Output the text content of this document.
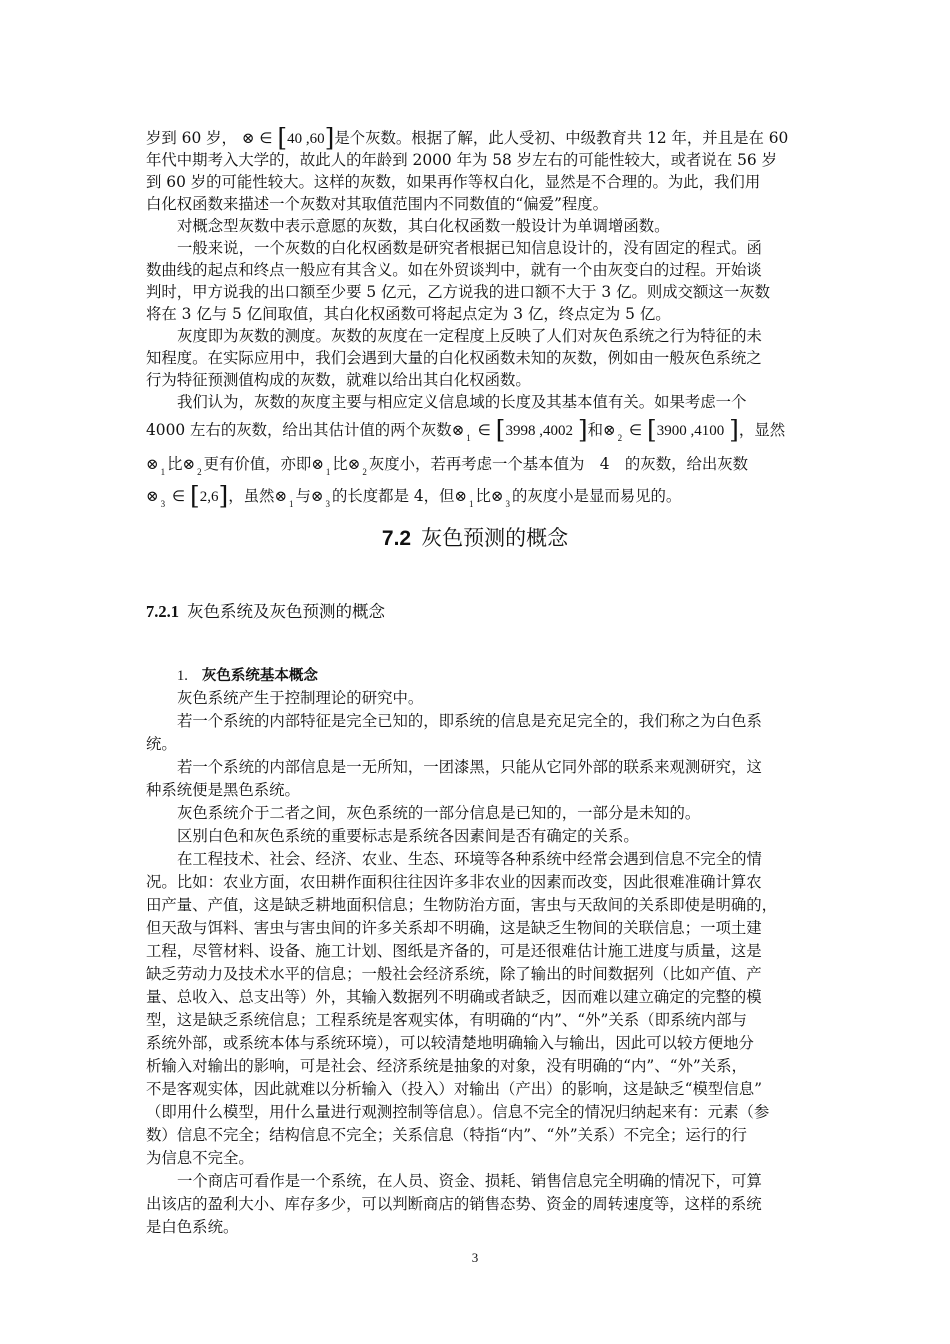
岁到 60 岁， ⊗ ∈ [40 ,60]是个灰数。根据了解，此人受初、中级教育共 12 年，并且是在 60
年代中期考入大学的，故此人的年龄到 2000 年为 58 岁左右的可能性较大，或者说在 56 岁
到 60 岁的可能性较大。这样的灰数，如果再作等权白化，显然是不合理的。为此，我们用
白化权函数来描述一个灰数对其取值范围内不同数值的“偏爱”程度。
对概念型灰数中表示意愿的灰数，其白化权函数一般设计为单调增函数。
一般来说，一个灰数的白化权函数是研究者根据已知信息设计的，没有固定的程式。函
数曲线的起点和终点一般应有其含义。如在外贸谈判中，就有一个由灰变白的过程。开始谈
判时，甲方说我的出口额至少要 5 亿元，乙方说我的进口额不大于 3 亿。则成交额这一灰数
将在 3 亿与 5 亿间取值，其白化权函数可将起点定为 3 亿，终点定为 5 亿。
灰度即为灰数的测度。灰数的灰度在一定程度上反映了人们对灰色系统之行为特征的未
知程度。在实际应用中，我们会遇到大量的白化权函数未知的灰数，例如由一般灰色系统之
行为特征预测值构成的灰数，就难以给出其白化权函数。
我们认为，灰数的灰度主要与相应定义信息域的长度及其基本值有关。如果考虑一个
4000 左右的灰数，给出其估计值的两个灰数⊗ $_1$ ∈ [3998 ,4002 ]和⊗ $_2$ ∈ [3900 ,4100 ]，显然
⊗ $_1$ 比⊗ $_2$ 更有价值，亦即⊗ $_1$ 比⊗ $_2$ 灰度小，若再考虑一个基本值为　4　的灰数，给出灰数
⊗ $_3$ ∈ [2,6]，虽然⊗ $_1$ 与⊗ $_3$ 的长度都是 4，但⊗ $_1$ 比⊗ $_3$ 的灰度小是显而易见的。
7.2 灰色预测的概念
7.2.1 灰色系统及灰色预测的概念
1. 灰色系统基本概念
灰色系统产生于控制理论的研究中。
若一个系统的内部特征是完全已知的，即系统的信息是充足完全的，我们称之为白色系
统。
若一个系统的内部信息是一无所知，一团漆黑，只能从它同外部的联系来观测研究，这
种系统便是黑色系统。
灰色系统介于二者之间，灰色系统的一部分信息是已知的，一部分是未知的。
区别白色和灰色系统的重要标志是系统各因素间是否有确定的关系。
在工程技术、社会、经济、农业、生态、环境等各种系统中经常会遇到信息不完全的情
况。比如：农业方面，农田耕作面积往往因许多非农业的因素而改变，因此很难准确计算农
田产量、产值，这是缺乏耕地面积信息；生物防治方面，害虫与天敌间的关系即使是明确的，
但天敌与饵料、害虫与害虫间的许多关系却不明确，这是缺乏生物间的关联信息；一项土建
工程，尽管材料、设备、施工计划、图纸是齐备的，可是还很难估计施工进度与质量，这是
缺乏劳动力及技术水平的信息；一般社会经济系统，除了输出的时间数据列（比如产值、产
量、总收入、总支出等）外，其输入数据列不明确或者缺乏，因而难以建立确定的完整的模
型，这是缺乏系统信息；工程系统是客观实体，有明确的“内”、“外”关系（即系统内部与
系统外部，或系统本体与系统环境），可以较清楚地明确输入与输出，因此可以较方便地分
析输入对输出的影响，可是社会、经济系统是抽象的对象，没有明确的“内”、“外”关系，
不是客观实体，因此就难以分析输入（投入）对输出（产出）的影响，这是缺乏“模型信息”
（即用什么模型，用什么量进行观测控制等信息）。信息不完全的情况归纳起来有：元素（参
数）信息不完全；结构信息不完全；关系信息（特指“内”、“外”关系）不完全；运行的行
为信息不完全。
一个商店可看作是一个系统，在人员、资金、损耗、销售信息完全明确的情况下，可算
出该店的盈利大小、库存多少，可以判断商店的销售态势、资金的周转速度等，这样的系统
是白色系统。
3
